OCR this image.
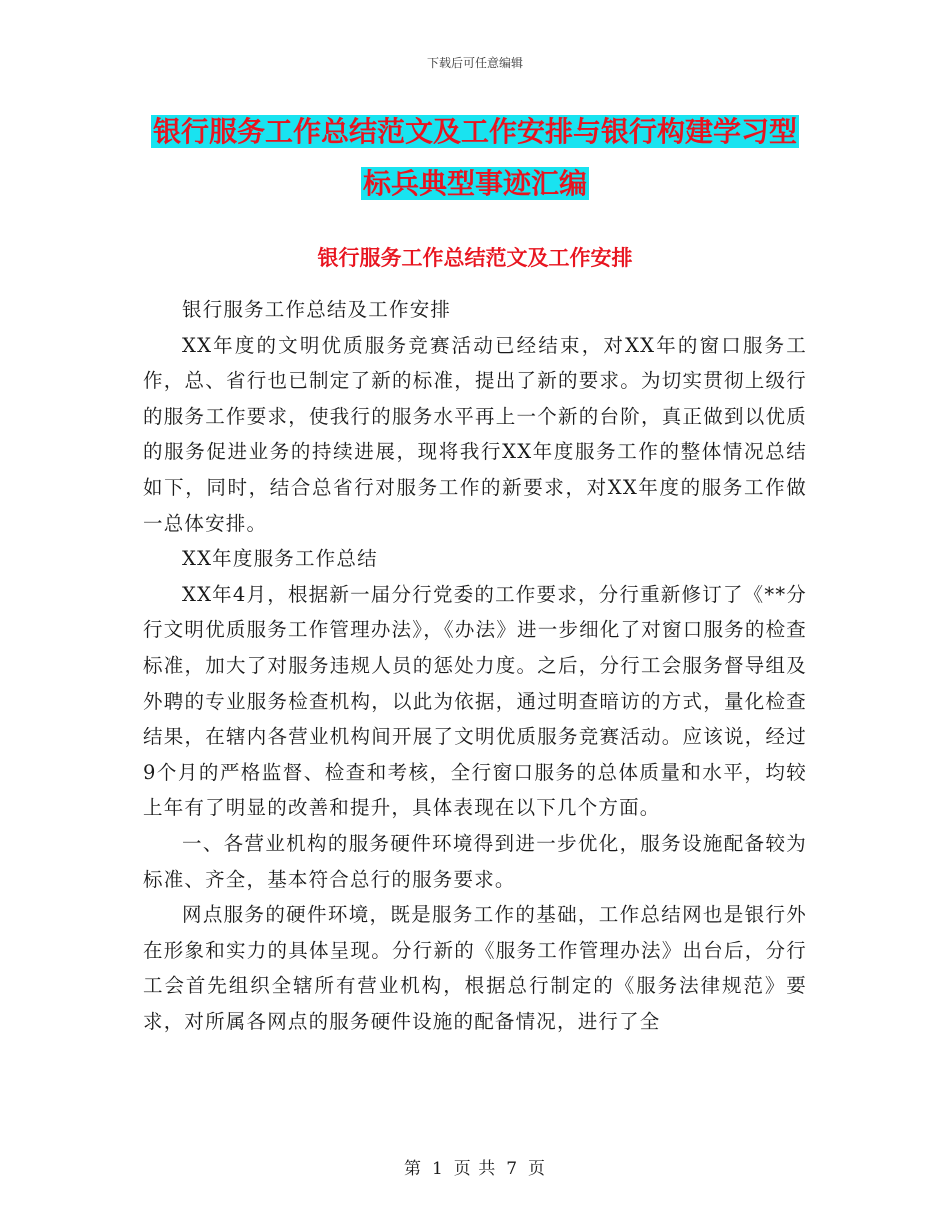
下载后可任意编辑
银行服务工作总结范文及工作安排与银行构建学习型
标兵典型事迹汇编
银行服务工作总结范文及工作安排

银行服务工作总结及工作安排

XX年度的文明优质服务竞赛活动已经结束，对XX年的窗口服务工作，总、省行也已制定了新的标准，提出了新的要求。为切实贯彻上级行的服务工作要求，使我行的服务水平再上一个新的台阶，真正做到以优质的服务促进业务的持续进展，现将我行XX年度服务工作的整体情况总结如下，同时，结合总省行对服务工作的新要求，对XX年度的服务工作做一总体安排。

XX年度服务工作总结

XX年4月，根据新一届分行党委的工作要求，分行重新修订了《**分行文明优质服务工作管理办法》，《办法》进一步细化了对窗口服务的检查标准，加大了对服务违规人员的惩处力度。之后，分行工会服务督导组及外聘的专业服务检查机构，以此为依据，通过明查暗访的方式，量化检查结果，在辖内各营业机构间开展了文明优质服务竞赛活动。应该说，经过9个月的严格监督、检查和考核，全行窗口服务的总体质量和水平，均较上年有了明显的改善和提升，具体表现在以下几个方面。

一、各营业机构的服务硬件环境得到进一步优化，服务设施配备较为标准、齐全，基本符合总行的服务要求。

网点服务的硬件环境，既是服务工作的基础，工作总结网也是银行外在形象和实力的具体呈现。分行新的《服务工作管理办法》出台后，分行工会首先组织全辖所有营业机构，根据总行制定的《服务法律规范》要求，对所属各网点的服务硬件设施的配备情况，进行了全

第 1 页 共 7 页
